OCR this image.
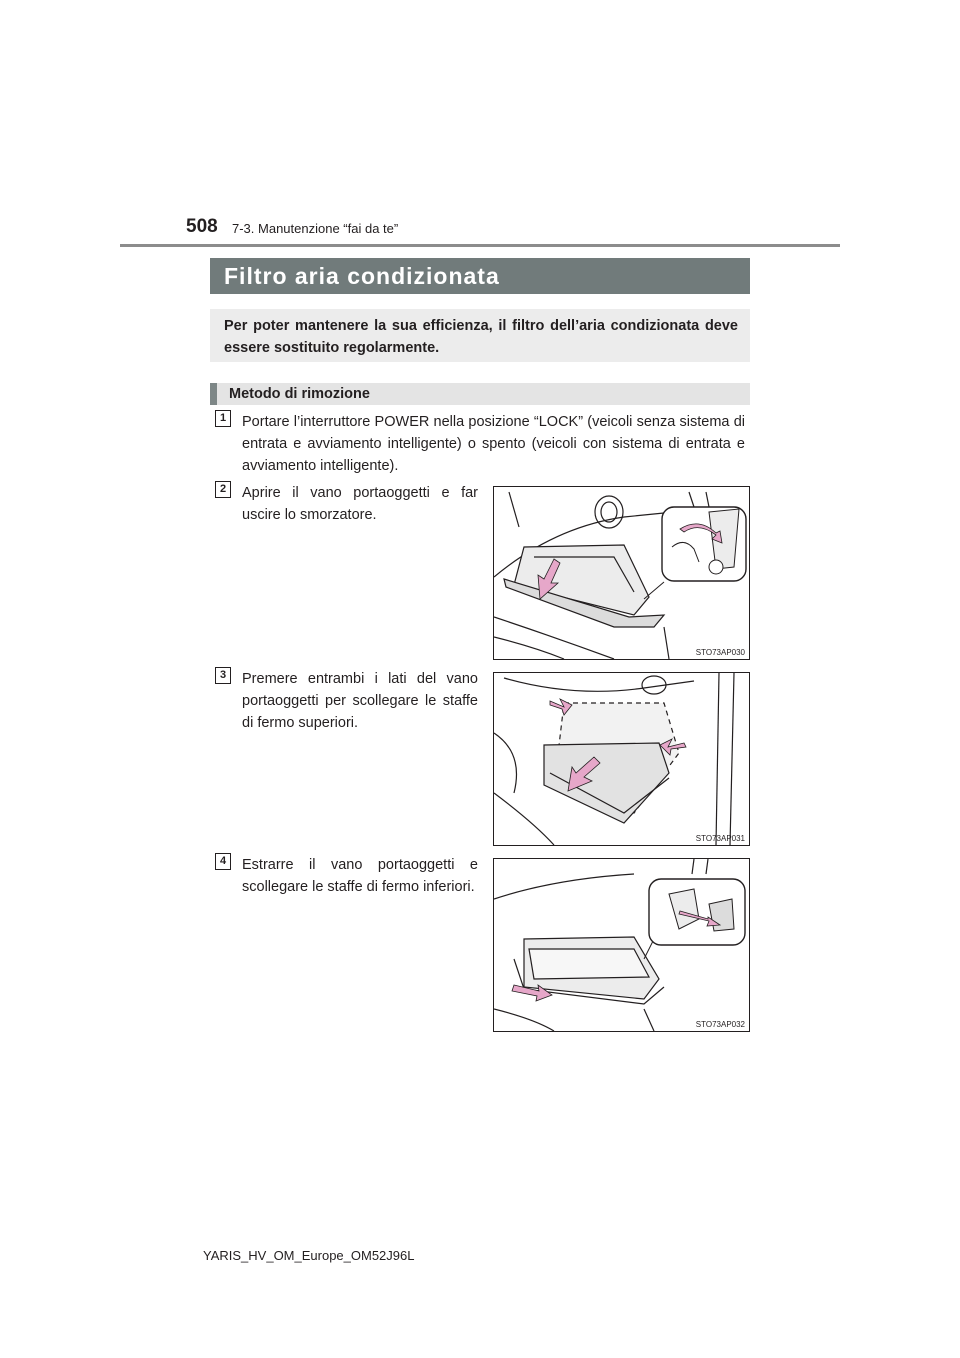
508 7-3. Manutenzione “fai da te”
Filtro aria condizionata
Per poter mantenere la sua efficienza, il filtro dell’aria condizionata deve essere sostituito regolarmente.
Metodo di rimozione
1	Portare l’interruttore POWER nella posizione “LOCK” (veicoli senza sistema di entrata e avviamento intelligente) o spento (veicoli con sistema di entrata e avviamento intelligente).
2	Aprire il vano portaoggetti e far uscire lo smorzatore.
STO73AP030
3	Premere entrambi i lati del vano portaoggetti per scollegare le staffe di fermo superiori.
STO73AP031
4	Estrarre il vano portaoggetti e scollegare le staffe di fermo inferiori.
STO73AP032
YARIS_HV_OM_Europe_OM52J96L
